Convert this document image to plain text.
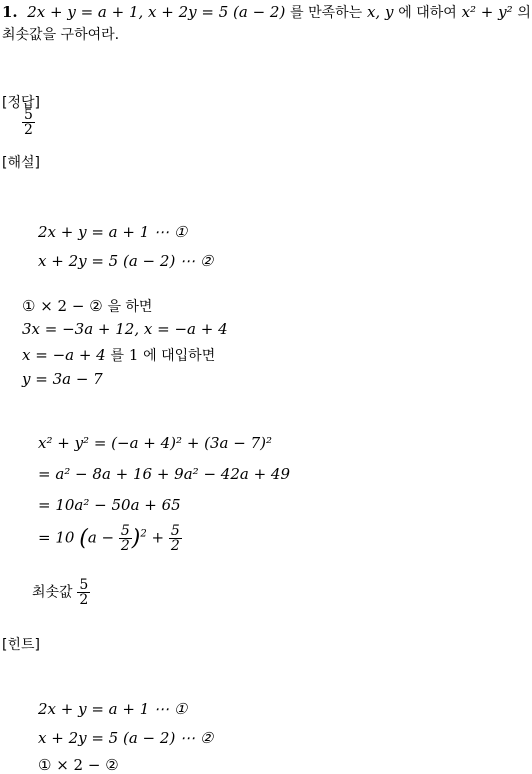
1. 2x + y = a + 1, x + 2y = 5 (a − 2) 를 만족하는 x, y 에 대하여 x² + y² 의
최솟값을 구하여라.
[정답]
$\frac{5}{2}$
[해설]
2x + y = a + 1 ⋯ ①
x + 2y = 5 (a − 2) ⋯ ②
① × 2 − ② 을 하면
3x = −3a + 12, x = −a + 4
x = −a + 4 를 1 에 대입하면
y = 3a − 7
x² + y² = (−a + 4)² + (3a − 7)²
= a² − 8a + 16 + 9a² − 42a + 49
= 10a² − 50a + 65
= 10 $(a - \frac{5}{2} )^2 + \frac{5}{2}$
최솟값 $\frac{5}{2}$
[힌트]
2x + y = a + 1 ⋯ ①
x + 2y = 5 (a − 2) ⋯ ②
① × 2 − ②
